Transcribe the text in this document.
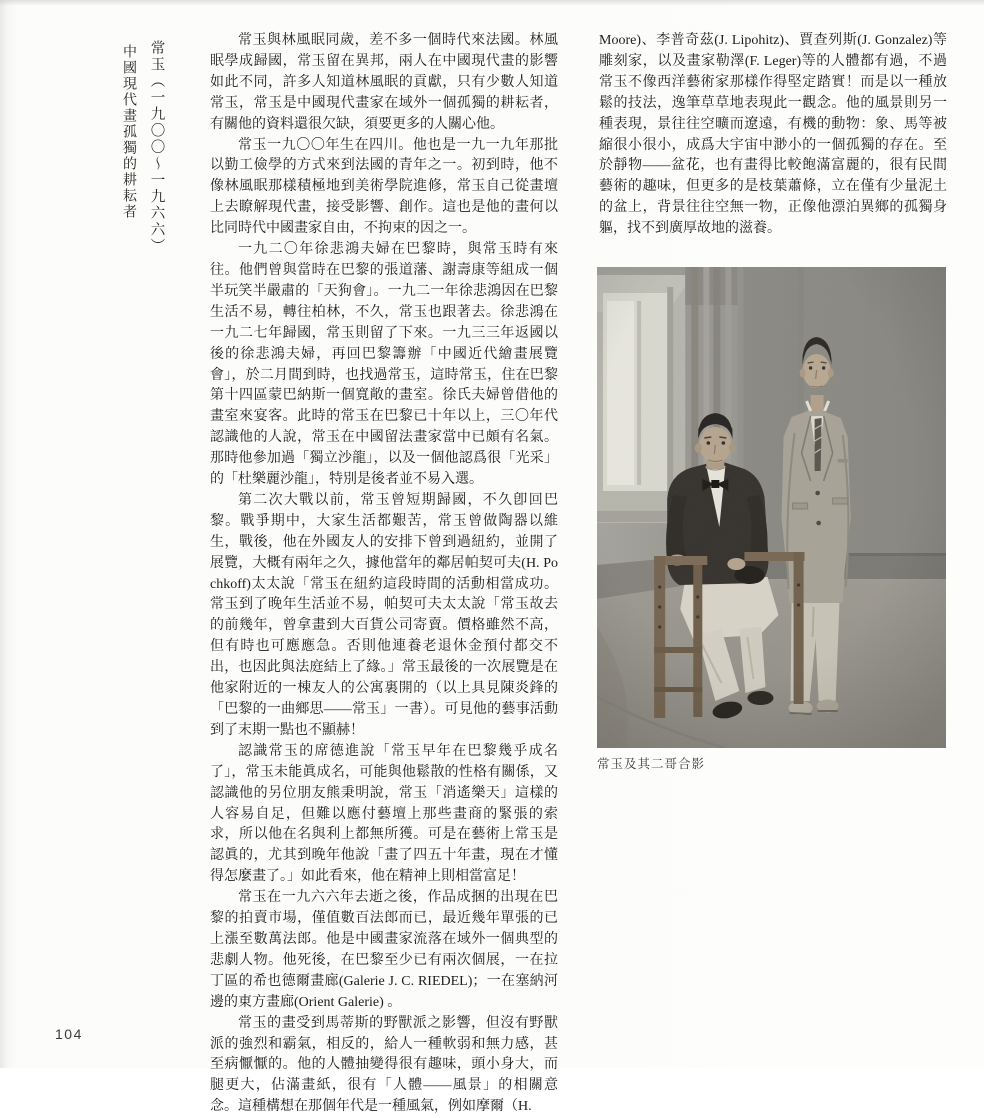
104
常玉（一九〇〇～一九六六）
中國現代畫孤獨的耕耘者

常玉與林風眠同歲，差不多一個時代來法國。林風眠學成歸國，常玉留在異邦，兩人在中國現代畫的影響如此不同，許多人知道林風眠的貢獻，只有少數人知道常玉，常玉是中國現代畫家在域外一個孤獨的耕耘者，有關他的資料還很欠缺，須要更多的人關心他。

常玉一九〇〇年生在四川。他也是一九一九年那批以勤工儉學的方式來到法國的青年之一。初到時，他不像林風眠那樣積極地到美術學院進修，常玉自己從畫壇上去瞭解現代畫，接受影響、創作。這也是他的畫何以比同時代中國畫家自由，不拘束的因之一。

一九二〇年徐悲鴻夫婦在巴黎時，與常玉時有來往。他們曾與當時在巴黎的張道藩、謝壽康等組成一個半玩笑半嚴肅的「天狗會」。一九二一年徐悲鴻因在巴黎生活不易，轉往柏林，不久，常玉也跟著去。徐悲鴻在一九二七年歸國，常玉則留了下來。一九三三年返國以後的徐悲鴻夫婦，再回巴黎籌辦「中國近代繪畫展覽會」，於二月間到時，也找過常玉，這時常玉，住在巴黎第十四區蒙巴納斯一個寬敞的畫室。徐氏夫婦曾借他的畫室來宴客。此時的常玉在巴黎已十年以上，三〇年代認識他的人說，常玉在中國留法畫家當中已頗有名氣。那時他參加過「獨立沙龍」，以及一個他認爲很「光采」的「杜樂麗沙龍」，特別是後者並不易入選。

第二次大戰以前，常玉曾短期歸國，不久卽回巴黎。戰爭期中，大家生活都艱苦，常玉曾做陶器以維生，戰後，他在外國友人的安排下曾到過紐約，並開了展覽，大概有兩年之久，據他當年的鄰居帕契可夫(H. Pochkoff)太太說「常玉在紐約這段時間的活動相當成功。常玉到了晚年生活並不易，帕契可夫太太說「常玉故去的前幾年，曾拿畫到大百貨公司寄賣。價格雖然不高，但有時也可應應急。否則他連養老退休金預付都交不出，也因此與法庭結上了緣。」常玉最後的一次展覽是在他家附近的一棟友人的公寓裏開的（以上具見陳炎鋒的「巴黎的一曲鄉思——常玉」一書）。可見他的藝事活動到了末期一點也不顯赫！

認識常玉的席德進說「常玉早年在巴黎幾乎成名了」，常玉未能眞成名，可能與他鬆散的性格有關係，又認識他的另位朋友熊秉明說，常玉「消遙樂天」這樣的人容易自足，但難以應付藝壇上那些畫商的緊張的索求，所以他在名與利上都無所獲。可是在藝術上常玉是認眞的，尤其到晚年他說「畫了四五十年畫，現在才懂得怎麼畫了。」如此看來，他在精神上則相當富足！

常玉在一九六六年去逝之後，作品成捆的出現在巴黎的拍賣市場，僅值數百法郎而已，最近幾年單張的已上漲至數萬法郎。他是中國畫家流落在域外一個典型的悲劇人物。他死後，在巴黎至少已有兩次個展，一在拉丁區的希也德爾畫廊(Galerie J. C. RIEDEL)；一在塞納河邊的東方畫廊(Orient Galerie) 。

常玉的畫受到馬蒂斯的野獸派之影響，但沒有野獸派的強烈和霸氣，相反的，給人一種軟弱和無力感，甚至病懨懨的。他的人體抽變得很有趣味，頭小身大，而腿更大，佔滿畫紙，很有「人體——風景」的相關意念。這種構想在那個年代是一種風氣，例如摩爾（H.

Moore)、李普奇茲(J. Lipohitz)、賈查列斯(J. Gonzalez)等雕刻家，以及畫家勒澤(F. Leger)等的人體都有過，不過常玉不像西洋藝術家那樣作得堅定踏實！而是以一種放鬆的技法，逸筆草草地表現此一觀念。他的風景則另一種表現，景往往空曠而遼遠，有機的動物：象、馬等被縮很小很小，成爲大宇宙中渺小的一個孤獨的存在。至於靜物——盆花，也有畫得比較飽滿富麗的，很有民間藝術的趣味，但更多的是枝葉蕭條，立在僅有少量泥土的盆上，背景往往空無一物，正像他漂泊異鄉的孤獨身軀，找不到廣厚故地的滋養。

常玉及其二哥合影
